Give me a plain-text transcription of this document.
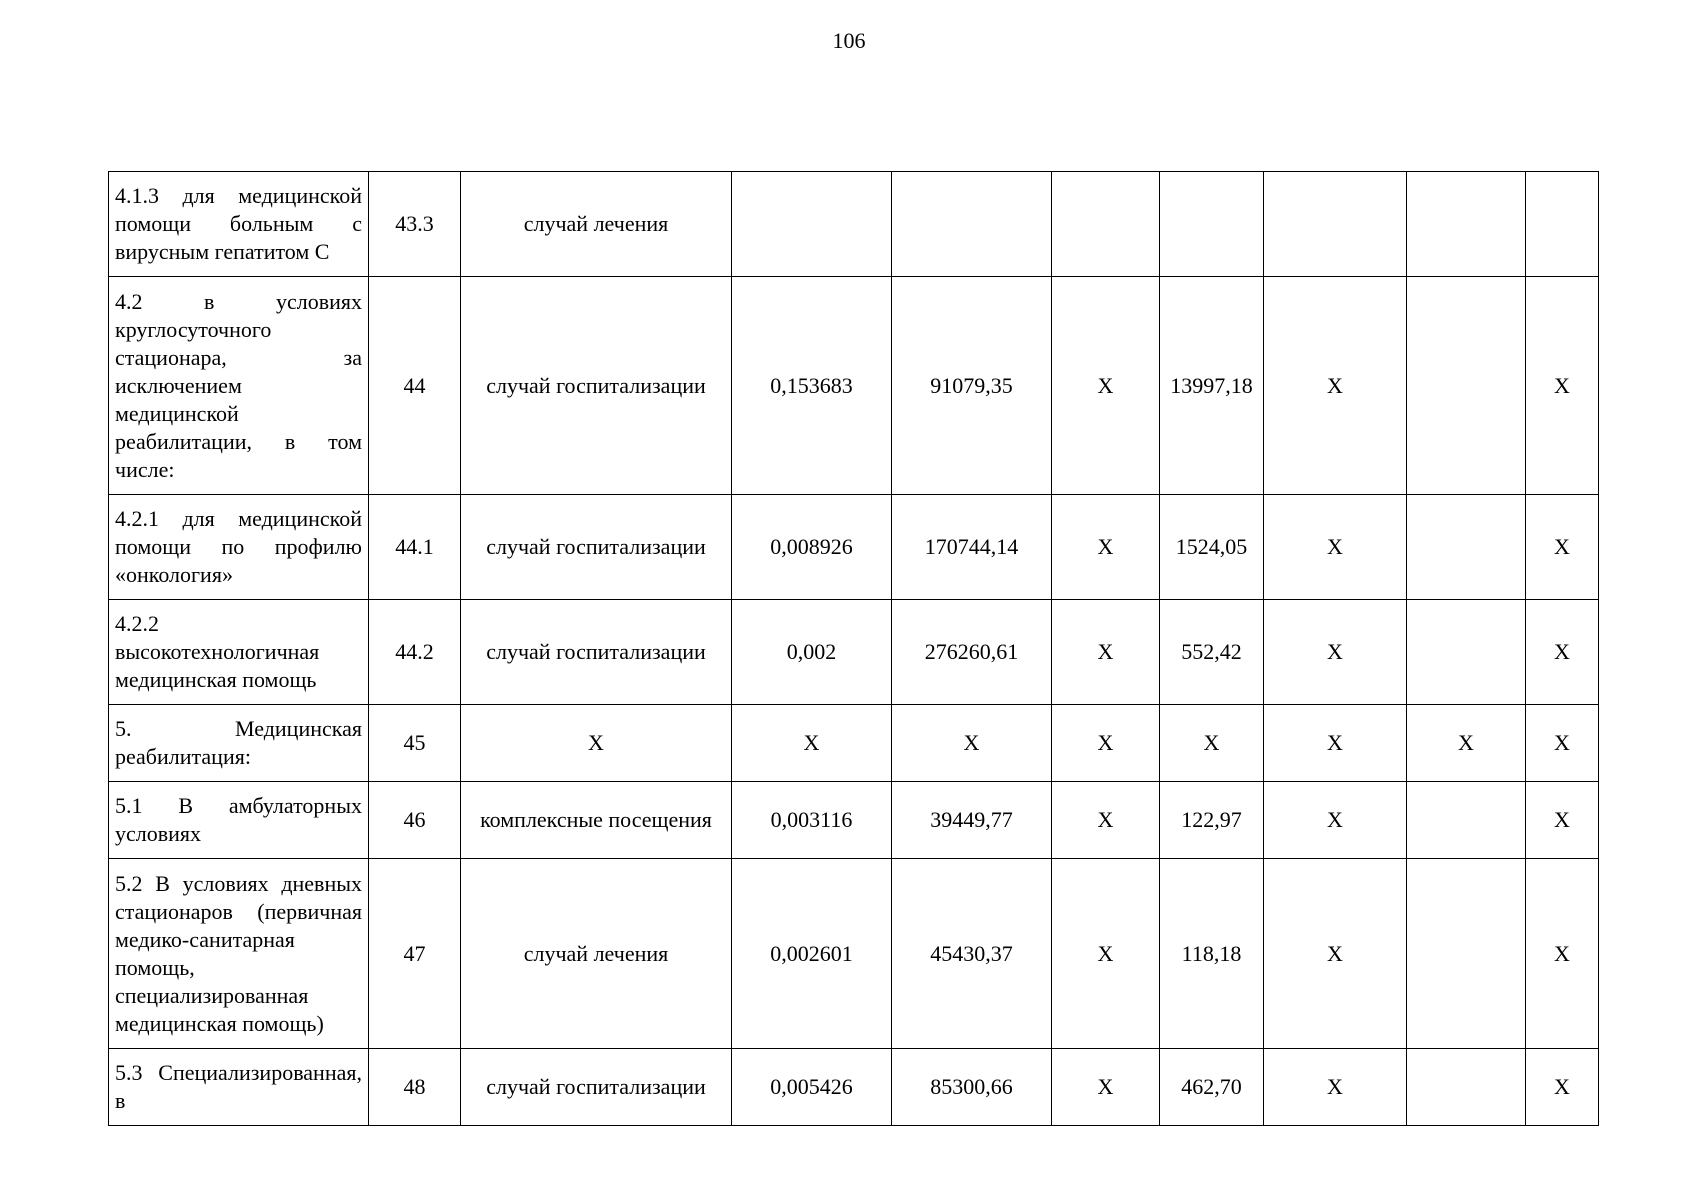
106
4.1.3 для медицинской помощи больным с вирусным гепатитом С	43.3	случай лечения							
4.2 в условиях круглосуточного стационара, за исключением медицинской реабилитации, в том числе:	44	случай госпитализации	0,153683	91079,35	Х	13997,18	Х		Х
4.2.1 для медицинской помощи по профилю «онкология»	44.1	случай госпитализации	0,008926	170744,14	Х	1524,05	Х		Х
4.2.2 высокотехнологичная медицинская помощь	44.2	случай госпитализации	0,002	276260,61	Х	552,42	Х		Х
5. Медицинская реабилитация:	45	Х	Х	Х	Х	Х	Х	Х	Х
5.1 В амбулаторных условиях	46	комплексные посещения	0,003116	39449,77	Х	122,97	Х		Х
5.2 В условиях дневных стационаров (первичная медико-санитарная помощь, специализированная медицинская помощь)	47	случай лечения	0,002601	45430,37	Х	118,18	Х		Х
5.3 Специализированная, в	48	случай госпитализации	0,005426	85300,66	Х	462,70	Х		Х
